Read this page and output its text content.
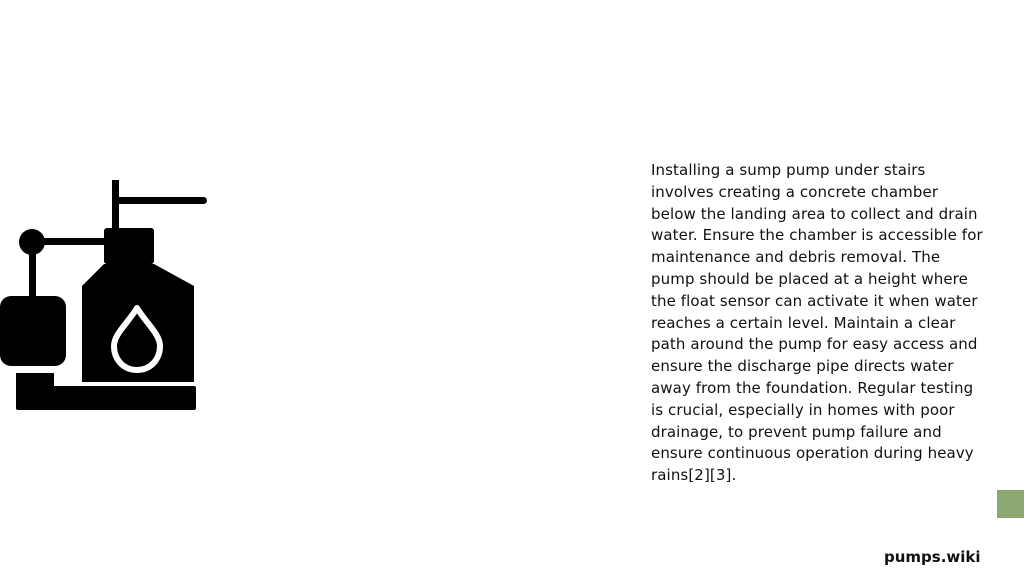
Installing a sump pump under stairs involves creating a concrete chamber below the landing area to collect and drain water. Ensure the chamber is accessible for maintenance and debris removal. The pump should be placed at a height where the float sensor can activate it when water reaches a certain level. Maintain a clear path around the pump for easy access and ensure the discharge pipe directs water away from the foundation. Regular testing is crucial, especially in homes with poor drainage, to prevent pump failure and ensure continuous operation during heavy rains[2][3].

pumps.wiki
